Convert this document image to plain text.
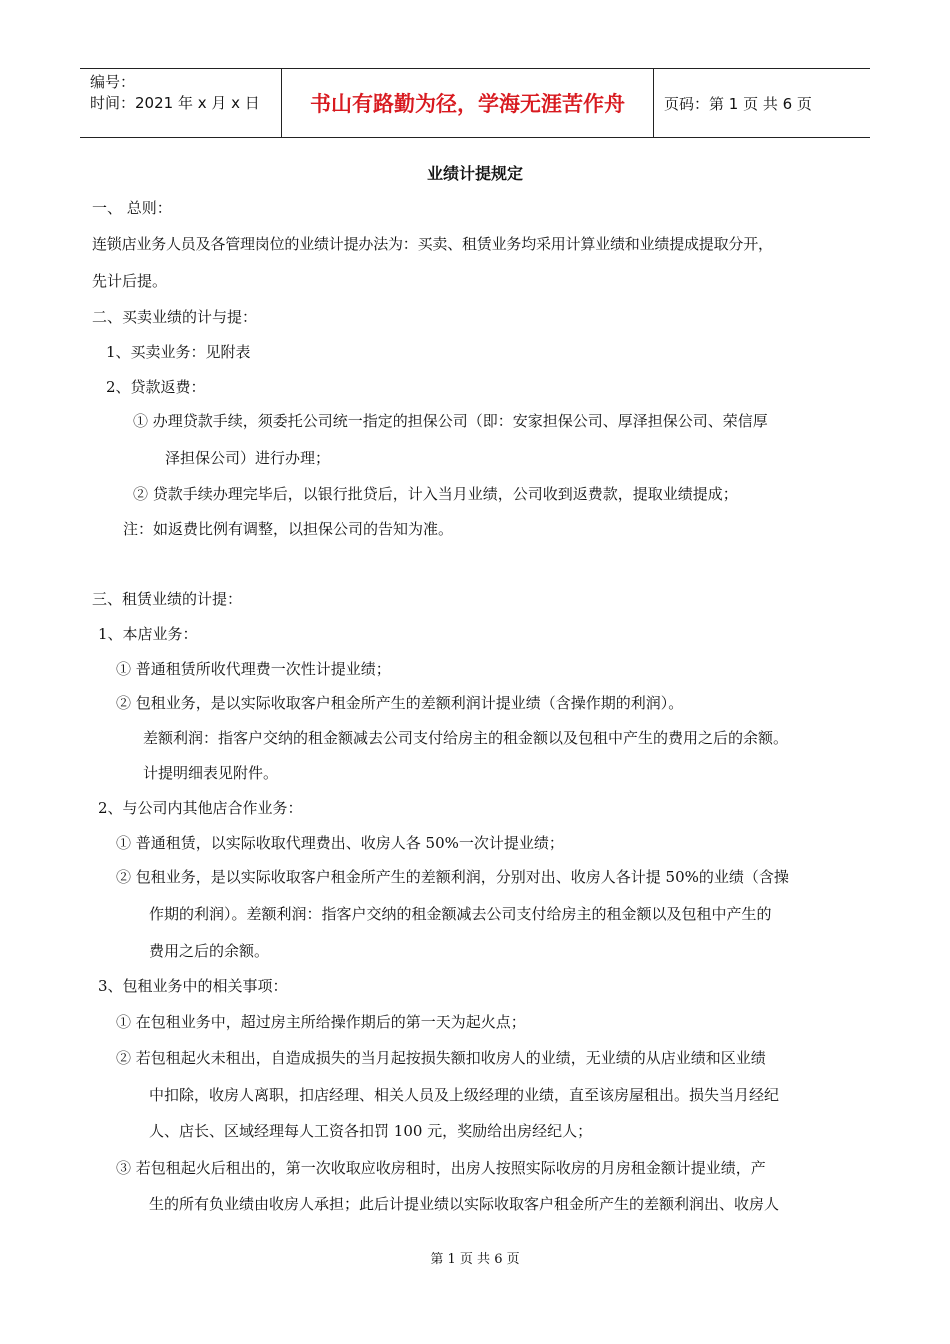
编号：
时间：2021 年 x 月 x 日	书山有路勤为径，学海无涯苦作舟	页码：第 1 页 共 6 页
业绩计提规定
一、 总则：
连锁店业务人员及各管理岗位的业绩计提办法为：买卖、租赁业务均采用计算业绩和业绩提成提取分开，
先计后提。
二、买卖业绩的计与提：
1、买卖业务：见附表
2、贷款返费：
① 办理贷款手续，须委托公司统一指定的担保公司（即：安家担保公司、厚泽担保公司、荣信厚
泽担保公司）进行办理；
② 贷款手续办理完毕后，以银行批贷后，计入当月业绩，公司收到返费款，提取业绩提成；
注：如返费比例有调整，以担保公司的告知为准。
三、租赁业绩的计提：
1、本店业务：
① 普通租赁所收代理费一次性计提业绩；
② 包租业务，是以实际收取客户租金所产生的差额利润计提业绩（含操作期的利润）。
差额利润：指客户交纳的租金额减去公司支付给房主的租金额以及包租中产生的费用之后的余额。
计提明细表见附件。
2、与公司内其他店合作业务：
① 普通租赁，以实际收取代理费出、收房人各 50%一次计提业绩；
② 包租业务，是以实际收取客户租金所产生的差额利润，分别对出、收房人各计提 50%的业绩（含操
作期的利润）。差额利润：指客户交纳的租金额减去公司支付给房主的租金额以及包租中产生的
费用之后的余额。
3、包租业务中的相关事项：
① 在包租业务中，超过房主所给操作期后的第一天为起火点；
② 若包租起火未租出，自造成损失的当月起按损失额扣收房人的业绩，无业绩的从店业绩和区业绩
中扣除，收房人离职，扣店经理、相关人员及上级经理的业绩，直至该房屋租出。损失当月经纪
人、店长、区域经理每人工资各扣罚 100 元，奖励给出房经纪人；
③ 若包租起火后租出的，第一次收取应收房租时，出房人按照实际收房的月房租金额计提业绩，产
生的所有负业绩由收房人承担；此后计提业绩以实际收取客户租金所产生的差额利润出、收房人
第 1 页 共 6 页
